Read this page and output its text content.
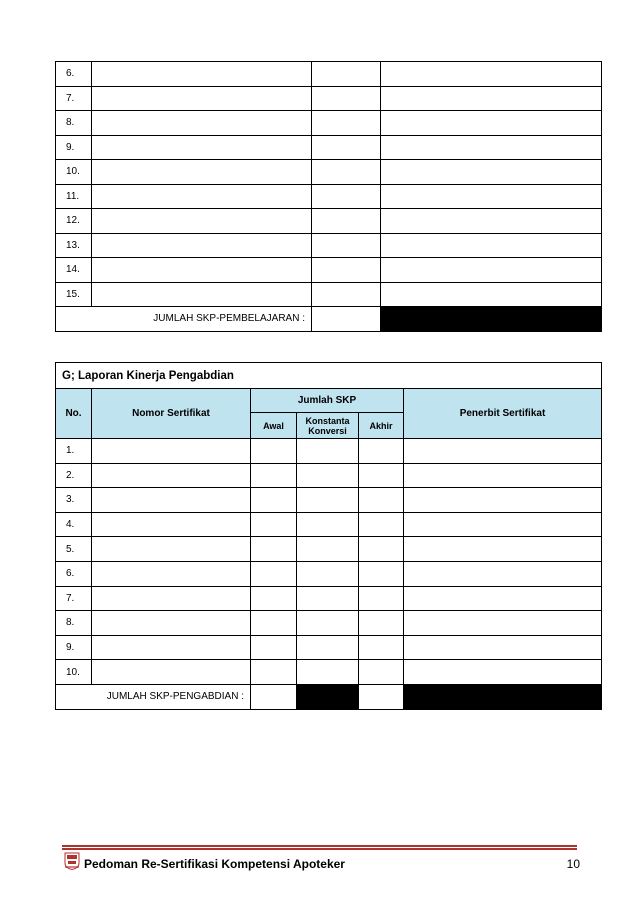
6.			
7.			
8.			
9.			
10.			
11.			
12.			
13.			
14.			
15.			
JUMLAH SKP-PEMBELAJARAN :			
G; Laporan Kinerja Pengabdian					
No.	Nomor Sertifikat	Jumlah SKP			Penerbit Sertifikat
		Awal	Konstanta Konversi	Akhir	
1.					
2.					
3.					
4.					
5.					
6.					
7.					
8.					
9.					
10.					
JUMLAH SKP-PENGABDIAN :					
Pedoman Re-Sertifikasi Kompetensi Apoteker	10
